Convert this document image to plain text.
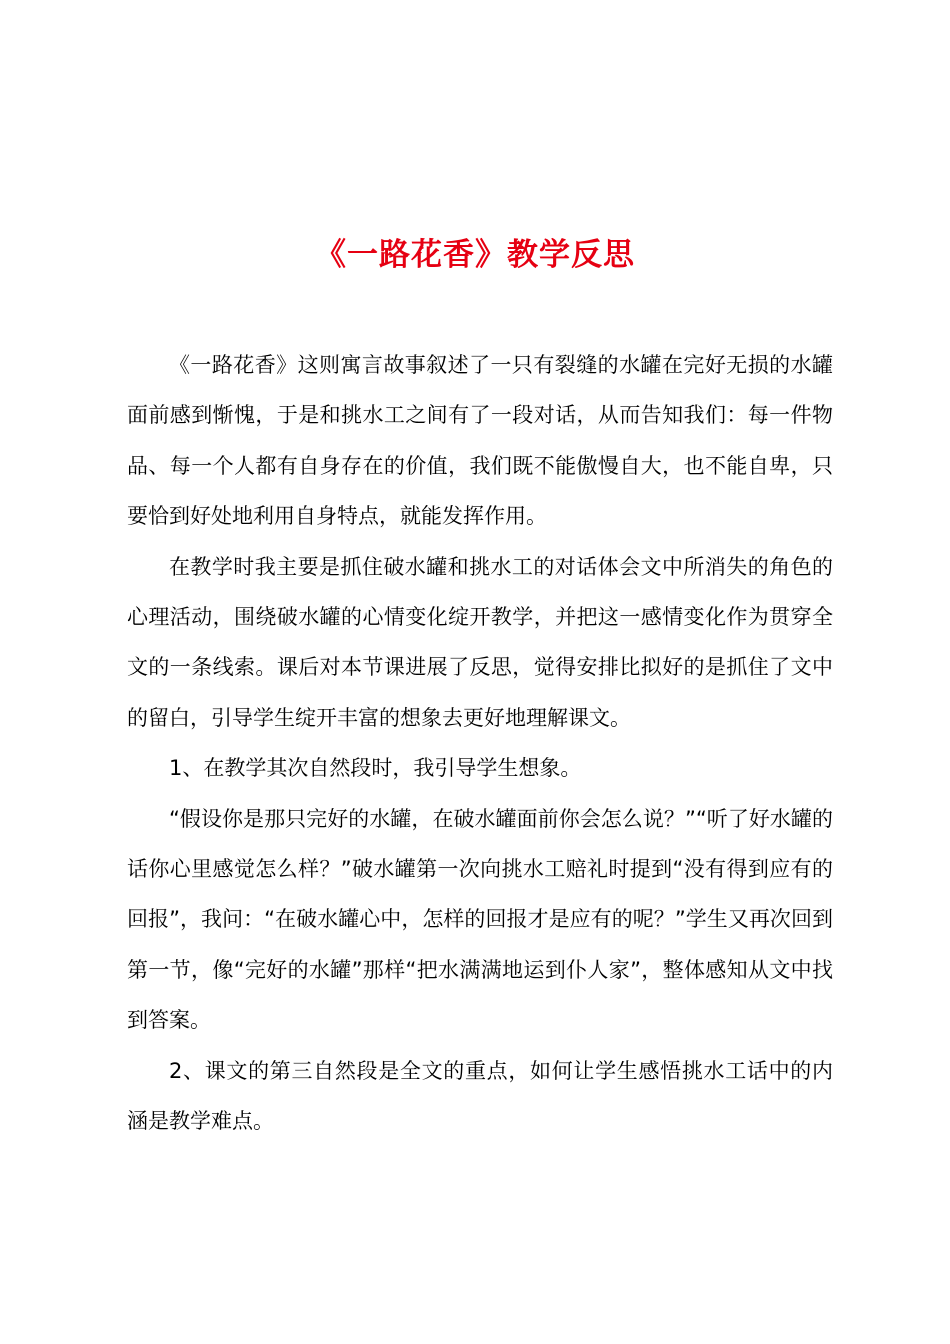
《一路花香》教学反思

《一路花香》这则寓言故事叙述了一只有裂缝的水罐在完好无损的水罐面前感到惭愧，于是和挑水工之间有了一段对话，从而告知我们：每一件物品、每一个人都有自身存在的价值，我们既不能傲慢自大，也不能自卑，只要恰到好处地利用自身特点，就能发挥作用。

在教学时我主要是抓住破水罐和挑水工的对话体会文中所消失的角色的心理活动，围绕破水罐的心情变化绽开教学，并把这一感情变化作为贯穿全文的一条线索。课后对本节课进展了反思，觉得安排比拟好的是抓住了文中的留白，引导学生绽开丰富的想象去更好地理解课文。

1、在教学其次自然段时，我引导学生想象。

“假设你是那只完好的水罐，在破水罐面前你会怎么说？”“听了好水罐的话你心里感觉怎么样？”破水罐第一次向挑水工赔礼时提到“没有得到应有的回报”，我问：“在破水罐心中，怎样的回报才是应有的呢？”学生又再次回到第一节，像“完好的水罐”那样“把水满满地运到仆人家”，整体感知从文中找到答案。

2、课文的第三自然段是全文的重点，如何让学生感悟挑水工话中的内涵是教学难点。
